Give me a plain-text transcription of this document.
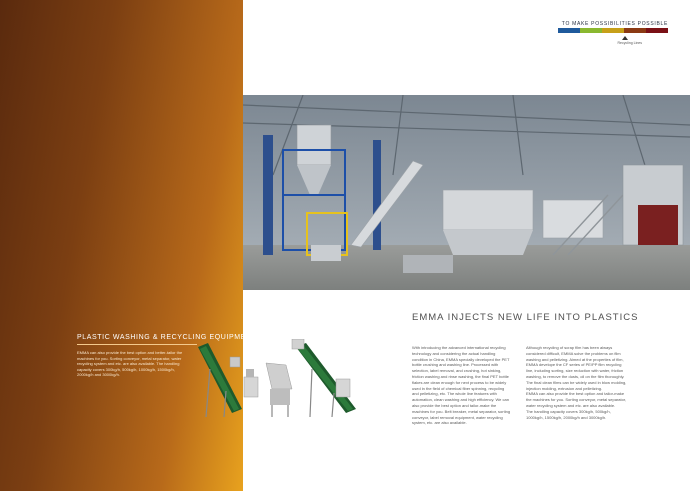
PLASTIC WASHING & RECYCLING EQUIPMENT
EMMA can also provide the best option and better-tailor the machines for you. Sorting conveyor, metal separator, water recycling system and etc. are also available. The handling capacity covers 300kg/h, 500kg/h, 1000kg/h, 1500kg/h, 2000kg/h and 3000kg/h.
TO MAKE POSSIBILITIES POSSIBLE
Recycling Lines
EMMA INJECTS NEW LIFE INTO PLASTICS
With introducing the advanced international recycling technology and considering the actual handling condition in China, EMMA specially developed the PET bottle crushing and washing line. Processed with selection, label removal, and crushing, hot sinking, friction washing and rinse washing, the final PET bottle flakes are clean enough for next process to be widely used in the field of chemical fiber spinning, recycling and pelletizing, etc. The whole line features with automation, clean washing and high efficiency. We can also provide the best option and tailor-make the machines for you. Belt breaker, metal separator, sorting conveyor, label removal equipment, water recycling system, etc. are also available.
Although recycling of scrap film has been always considered difficult, EMMA solve the problems on film washing and pelletizing. Aimed at the properties of film, EMMA develope the CF series of PE/PP film recycling line, including sorting, size reduction with water, friction washing, to remove the dusts, oil on the film thoroughly. The final clean films can be widely used in blow molding, injection molding, extrusion and pelletizing.
EMMA can also provide the best option and tailor-make the machines for you. Sorting conveyor, metal separator, water recycling system and etc. are also available.
The handling capacity covers 300kg/h, 500kg/h, 1000kg/h, 1500kg/h, 2000kg/h and 3000kg/h.
